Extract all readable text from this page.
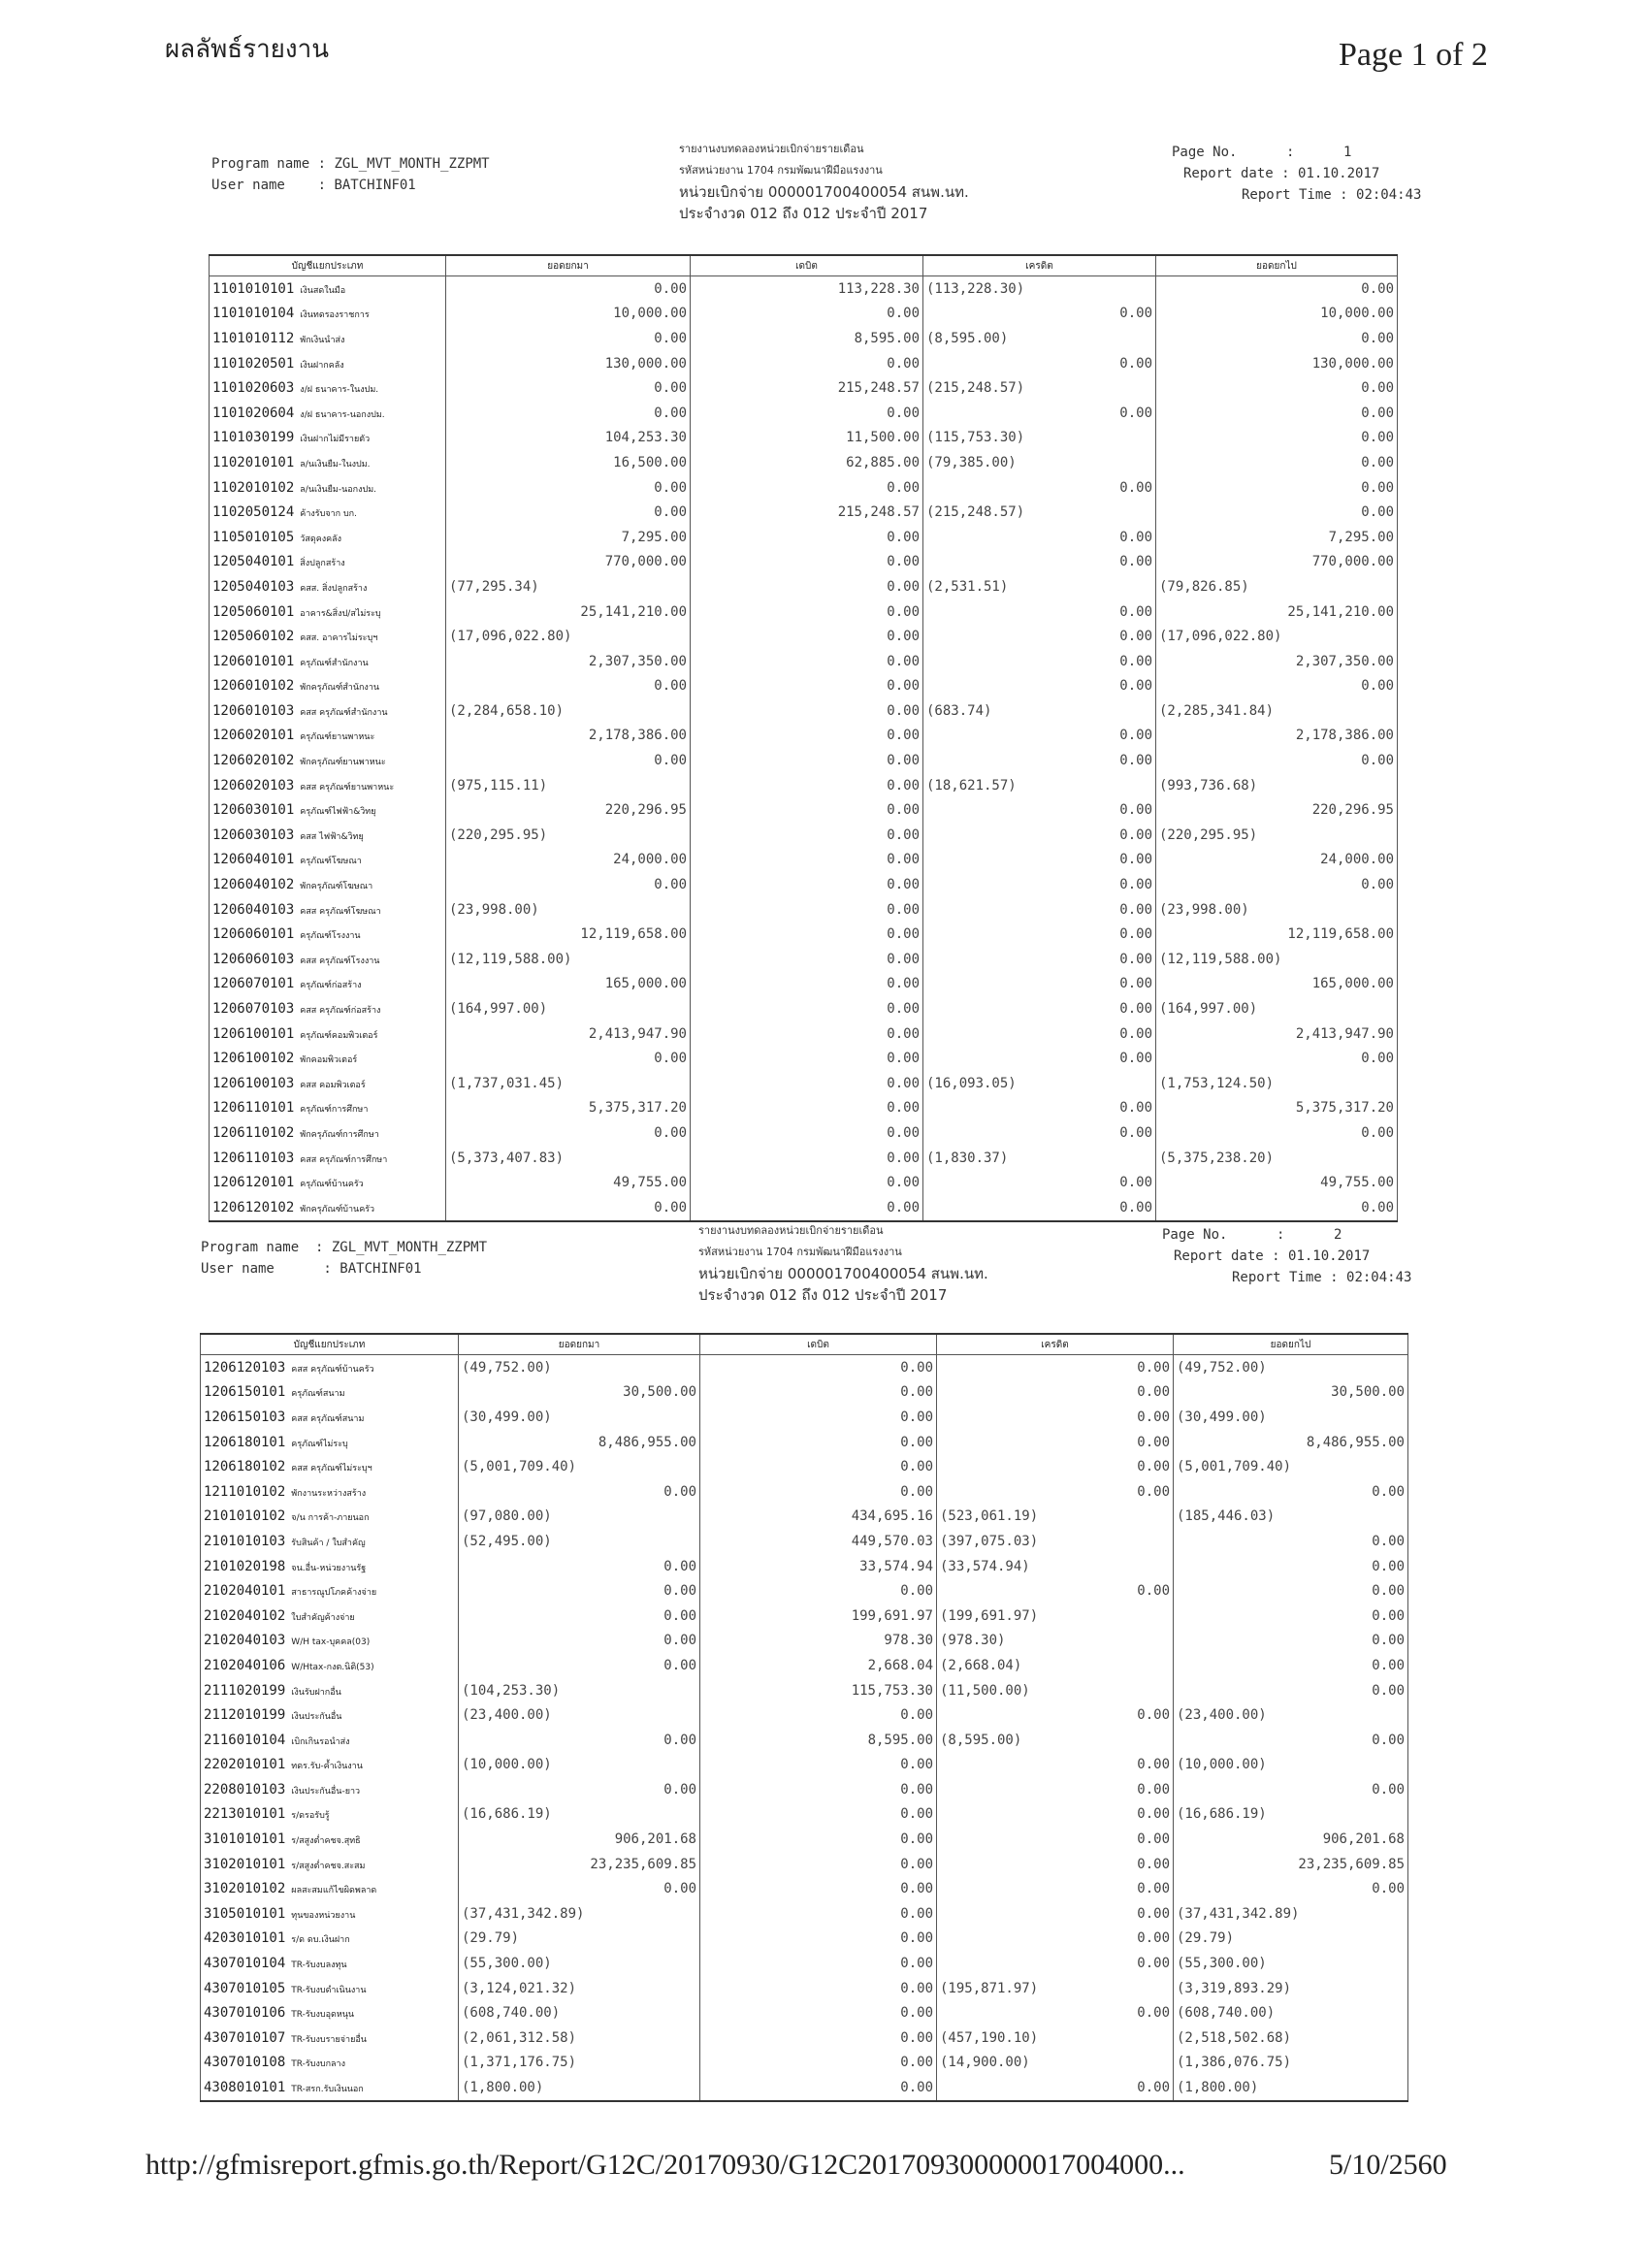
ผลลัพธ์รายงาน	Page 1 of 2
Program name : ZGL_MVT_MONTH_ZZPMT
User name    : BATCHINF01
รายงานงบทดลองหน่วยเบิกจ่ายรายเดือน
รหัสหน่วยงาน 1704 กรมพัฒนาฝีมือแรงงาน
หน่วยเบิกจ่าย 000001700400054 สนพ.นท.
ประจำงวด 012 ถึง 012 ประจำปี 2017
Page No.	:	1
Report date : 01.10.2017
Report Time : 02:04:43
บัญชีแยกประเภท	ยอดยกมา	เดบิต	เครดิต	ยอดยกไป
1101010101 เงินสดในมือ	0.00	113,228.30	(113,228.30)	0.00

1101010104 เงินทดรองราชการ	10,000.00	0.00	0.00	10,000.00

1101010112 พักเงินนำส่ง	0.00	8,595.00	(8,595.00)	0.00

1101020501 เงินฝากคลัง	130,000.00	0.00	0.00	130,000.00

1101020603 ง/ฝ ธนาคาร-ในงปม.	0.00	215,248.57	(215,248.57)	0.00

1101020604 ง/ฝ ธนาคาร-นอกงปม.	0.00	0.00	0.00	0.00

1101030199 เงินฝากไม่มีรายตัว	104,253.30	11,500.00	(115,753.30)	0.00

1102010101 ล/นเงินยืม-ในงปม.	16,500.00	62,885.00	(79,385.00)	0.00

1102010102 ล/นเงินยืม-นอกงปม.	0.00	0.00	0.00	0.00

1102050124 ค้างรับจาก บก.	0.00	215,248.57	(215,248.57)	0.00

1105010105 วัสดุคงคลัง	7,295.00	0.00	0.00	7,295.00

1205040101 สิ่งปลูกสร้าง	770,000.00	0.00	0.00	770,000.00

1205040103 คสส. สิ่งปลูกสร้าง	(77,295.34)	0.00	(2,531.51)	(79,826.85)

1205060101 อาคาร&สิ่งป/สไม่ระบุ	25,141,210.00	0.00	0.00	25,141,210.00

1205060102 คสส. อาคารไม่ระบุฯ	(17,096,022.80)	0.00	0.00	(17,096,022.80)

1206010101 ครุภัณฑ์สำนักงาน	2,307,350.00	0.00	0.00	2,307,350.00

1206010102 พักครุภัณฑ์สำนักงาน	0.00	0.00	0.00	0.00

1206010103 คสส ครุภัณฑ์สำนักงาน	(2,284,658.10)	0.00	(683.74)	(2,285,341.84)

1206020101 ครุภัณฑ์ยานพาหนะ	2,178,386.00	0.00	0.00	2,178,386.00

1206020102 พักครุภัณฑ์ยานพาหนะ	0.00	0.00	0.00	0.00

1206020103 คสส ครุภัณฑ์ยานพาหนะ	(975,115.11)	0.00	(18,621.57)	(993,736.68)

1206030101 ครุภัณฑ์ไฟฟ้า&วิทยุ	220,296.95	0.00	0.00	220,296.95

1206030103 คสส ไฟฟ้า&วิทยุ	(220,295.95)	0.00	0.00	(220,295.95)

1206040101 ครุภัณฑ์โฆษณา	24,000.00	0.00	0.00	24,000.00

1206040102 พักครุภัณฑ์โฆษณา	0.00	0.00	0.00	0.00

1206040103 คสส ครุภัณฑ์โฆษณา	(23,998.00)	0.00	0.00	(23,998.00)

1206060101 ครุภัณฑ์โรงงาน	12,119,658.00	0.00	0.00	12,119,658.00

1206060103 คสส ครุภัณฑ์โรงงาน	(12,119,588.00)	0.00	0.00	(12,119,588.00)

1206070101 ครุภัณฑ์ก่อสร้าง	165,000.00	0.00	0.00	165,000.00

1206070103 คสส ครุภัณฑ์ก่อสร้าง	(164,997.00)	0.00	0.00	(164,997.00)

1206100101 ครุภัณฑ์คอมพิวเตอร์	2,413,947.90	0.00	0.00	2,413,947.90

1206100102 พักคอมพิวเตอร์	0.00	0.00	0.00	0.00

1206100103 คสส คอมพิวเตอร์	(1,737,031.45)	0.00	(16,093.05)	(1,753,124.50)

1206110101 ครุภัณฑ์การศึกษา	5,375,317.20	0.00	0.00	5,375,317.20

1206110102 พักครุภัณฑ์การศึกษา	0.00	0.00	0.00	0.00

1206110103 คสส ครุภัณฑ์การศึกษา	(5,373,407.83)	0.00	(1,830.37)	(5,375,238.20)

1206120101 ครุภัณฑ์บ้านครัว	49,755.00	0.00	0.00	49,755.00

1206120102 พักครุภัณฑ์บ้านครัว	0.00	0.00	0.00	0.00
Program name  : ZGL_MVT_MONTH_ZZPMT
User name      : BATCHINF01
รายงานงบทดลองหน่วยเบิกจ่ายรายเดือน
รหัสหน่วยงาน 1704 กรมพัฒนาฝีมือแรงงาน
หน่วยเบิกจ่าย 000001700400054 สนพ.นท.
ประจำงวด 012 ถึง 012 ประจำปี 2017
Page No.	:	2
Report date : 01.10.2017
Report Time : 02:04:43
บัญชีแยกประเภท	ยอดยกมา	เดบิต	เครดิต	ยอดยกไป
1206120103 คสส ครุภัณฑ์บ้านครัว	(49,752.00)	0.00	0.00	(49,752.00)

1206150101 ครุภัณฑ์สนาม	30,500.00	0.00	0.00	30,500.00

1206150103 คสส ครุภัณฑ์สนาม	(30,499.00)	0.00	0.00	(30,499.00)

1206180101 ครุภัณฑ์ไม่ระบุ	8,486,955.00	0.00	0.00	8,486,955.00

1206180102 คสส ครุภัณฑ์ไม่ระบุฯ	(5,001,709.40)	0.00	0.00	(5,001,709.40)

1211010102 พักงานระหว่างสร้าง	0.00	0.00	0.00	0.00

2101010102 จ/น การค้า-ภายนอก	(97,080.00)	434,695.16	(523,061.19)	(185,446.03)

2101010103 รับสินค้า / ใบสำคัญ	(52,495.00)	449,570.03	(397,075.03)	0.00

2101020198 จน.อื่น-หน่วยงานรัฐ	0.00	33,574.94	(33,574.94)	0.00

2102040101 สาธารณูปโภคค้างจ่าย	0.00	0.00	0.00	0.00

2102040102 ใบสำคัญค้างจ่าย	0.00	199,691.97	(199,691.97)	0.00

2102040103 W/H tax-บุคคล(03)	0.00	978.30	(978.30)	0.00

2102040106 W/Htax-กงต.นิติ(53)	0.00	2,668.04	(2,668.04)	0.00

2111020199 เงินรับฝากอื่น	(104,253.30)	115,753.30	(11,500.00)	0.00

2112010199 เงินประกันอื่น	(23,400.00)	0.00	0.00	(23,400.00)

2116010104 เบิกเกินรอนำส่ง	0.00	8,595.00	(8,595.00)	0.00

2202010101 ทดร.รับ-ค้ำเงินงาน	(10,000.00)	0.00	0.00	(10,000.00)

2208010103 เงินประกันอื่น-ยาว	0.00	0.00	0.00	0.00

2213010101 ร/ดรอรับรู้	(16,686.19)	0.00	0.00	(16,686.19)

3101010101 ร/สสูงต่ำคชจ.สุทธิ	906,201.68	0.00	0.00	906,201.68

3102010101 ร/สสูงต่ำคชจ.สะสม	23,235,609.85	0.00	0.00	23,235,609.85

3102010102 ผลสะสมแก้ไขผิดพลาด	0.00	0.00	0.00	0.00

3105010101 ทุนของหน่วยงาน	(37,431,342.89)	0.00	0.00	(37,431,342.89)

4203010101 ร/ด ดบ.เงินฝาก	(29.79)	0.00	0.00	(29.79)

4307010104 TR-รับงบลงทุน	(55,300.00)	0.00	0.00	(55,300.00)

4307010105 TR-รับงบดำเนินงาน	(3,124,021.32)	0.00	(195,871.97)	(3,319,893.29)

4307010106 TR-รับงบอุดหนุน	(608,740.00)	0.00	0.00	(608,740.00)

4307010107 TR-รับงบรายจ่ายอื่น	(2,061,312.58)	0.00	(457,190.10)	(2,518,502.68)

4307010108 TR-รับงบกลาง	(1,371,176.75)	0.00	(14,900.00)	(1,386,076.75)

4308010101 TR-สรก.รับเงินนอก	(1,800.00)	0.00	0.00	(1,800.00)
http://gfmisreport.gfmis.go.th/Report/G12C/20170930/G12C201709300000017004000...	5/10/2560
